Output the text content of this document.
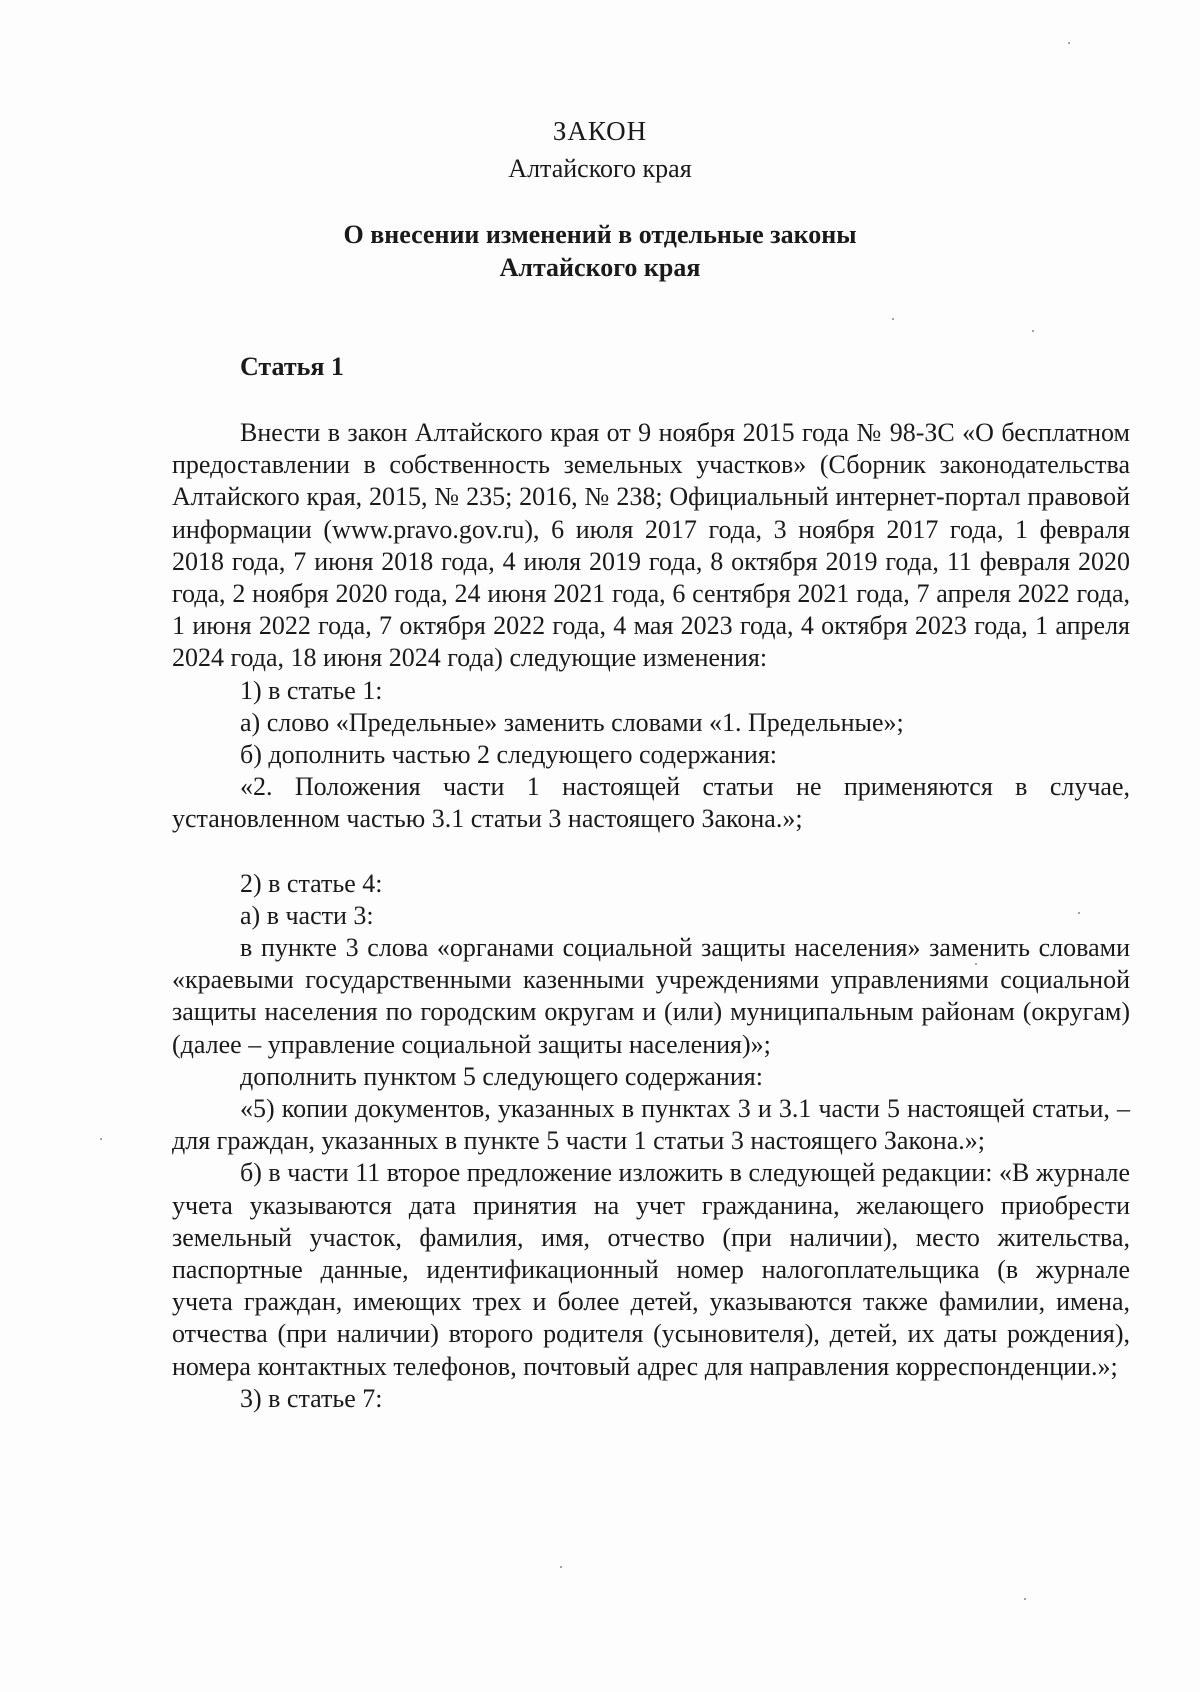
ЗАКОН
Алтайского края
О внесении изменений в отдельные законы
Алтайского края
Статья 1

Внести в закон Алтайского края от 9 ноября 2015 года № 98-ЗС «О бесплатном предоставлении в собственность земельных участков» (Сборник законодательства Алтайского края, 2015, № 235; 2016, № 238; Официальный интернет-портал правовой информации (www.pravo.gov.ru), 6 июля 2017 года, 3 ноября 2017 года, 1 февраля 2018 года, 7 июня 2018 года, 4 июля 2019 года, 8 октября 2019 года, 11 февраля 2020 года, 2 ноября 2020 года, 24 июня 2021 года, 6 сентября 2021 года, 7 апреля 2022 года, 1 июня 2022 года, 7 октября 2022 года, 4 мая 2023 года, 4 октября 2023 года, 1 апреля 2024 года, 18 июня 2024 года) следующие изменения:

1) в статье 1:

а) слово «Предельные» заменить словами «1. Предельные»;

б) дополнить частью 2 следующего содержания:

«2. Положения части 1 настоящей статьи не применяются в случае, установленном частью 3.1 статьи 3 настоящего Закона.»;

2) в статье 4:

а) в части 3:

в пункте 3 слова «органами социальной защиты населения» заменить словами «краевыми государственными казенными учреждениями управлениями социальной защиты населения по городским округам и (или) муниципальным районам (округам) (далее – управление социальной защиты населения)»;

дополнить пунктом 5 следующего содержания:

«5) копии документов, указанных в пунктах 3 и 3.1 части 5 настоящей статьи, – для граждан, указанных в пункте 5 части 1 статьи 3 настоящего Закона.»;

б) в части 11 второе предложение изложить в следующей редакции: «В журнале учета указываются дата принятия на учет гражданина, желающего приобрести земельный участок, фамилия, имя, отчество (при наличии), место жительства, паспортные данные, идентификационный номер налогоплательщика (в журнале учета граждан, имеющих трех и более детей, указываются также фамилии, имена, отчества (при наличии) второго родителя (усыновителя), детей, их даты рождения), номера контактных телефонов, почтовый адрес для направления корреспонденции.»;

3) в статье 7:
